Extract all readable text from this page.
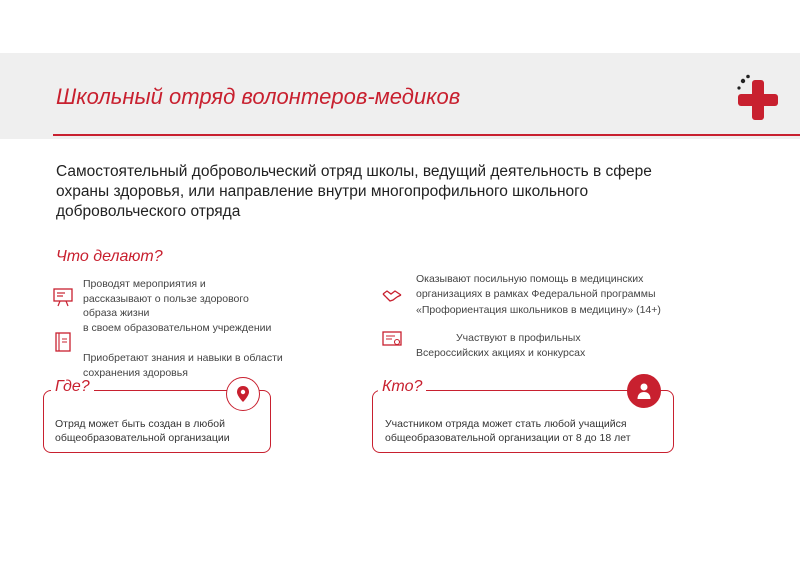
Школьный отряд волонтеров-медиков
Самостоятельный добровольческий отряд школы, ведущий деятельность в сфере охраны здоровья, или направление внутри многопрофильного школьного добровольческого отряда
Что делают?
Проводят мероприятия и
рассказывают о пользе здорового
образа жизни
в своем образовательном учреждении
Приобретают знания и навыки в области
сохранения здоровья
Оказывают посильную помощь в медицинских
организациях в рамках Федеральной программы
«Профориентация школьников в медицину» (14+)
Участвуют в профильных
Всероссийских акциях и конкурсах
Где?
Отряд может быть создан в любой
общеобразовательной организации
Кто?
Участником отряда может стать любой учащийся
общеобразовательной организации от 8 до 18 лет
